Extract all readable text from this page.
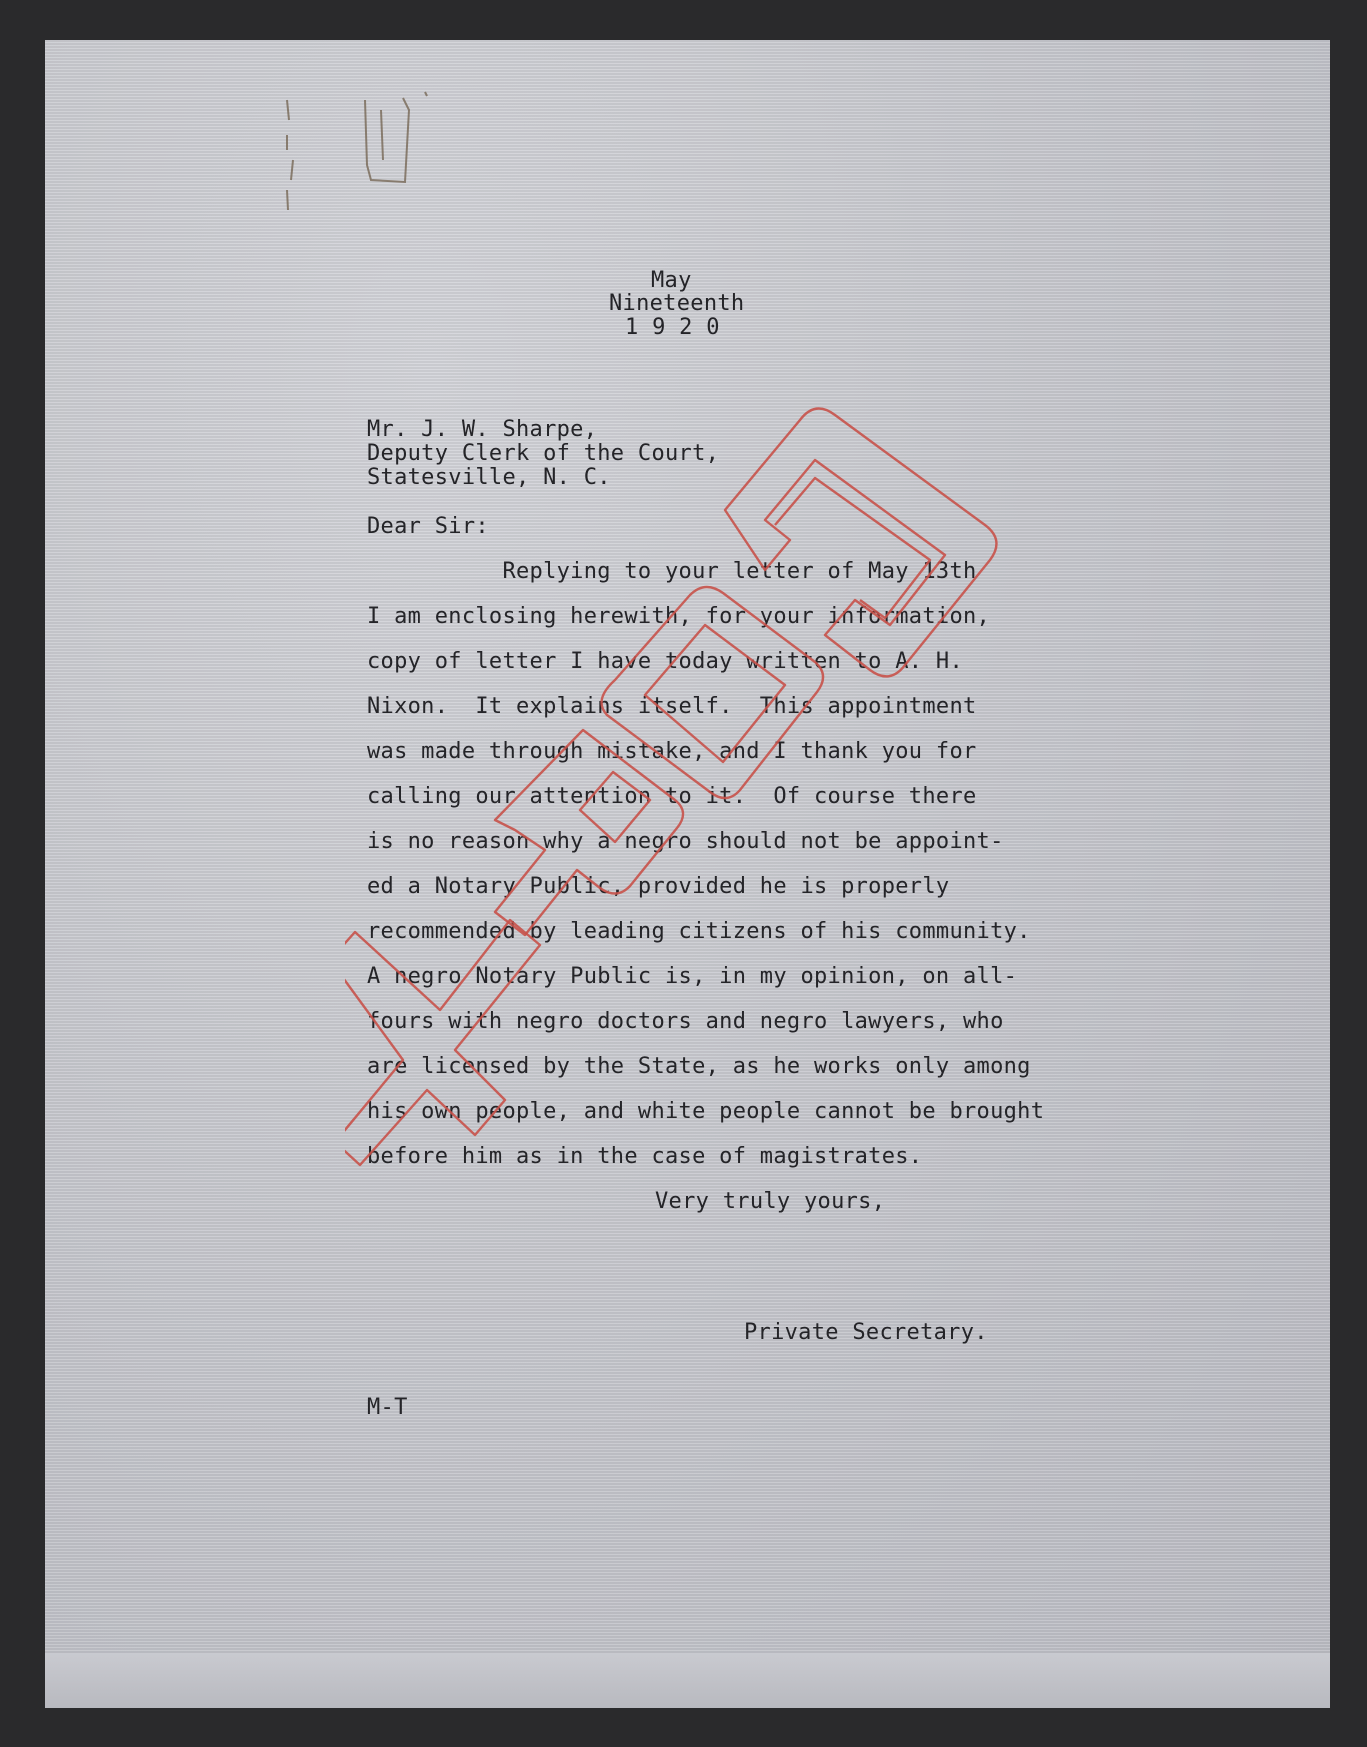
May
Nineteenth
1 9 2 0
Mr. J. W. Sharpe,
Deputy Clerk of the Court,
Statesville, N. C.
Dear Sir:
Replying to your letter of May 13th
I am enclosing herewith, for your information,
copy of letter I have today written to A. H.
Nixon.  It explains itself.  This appointment
was made through mistake, and I thank you for
calling our attention to it.  Of course there
is no reason why a negro should not be appoint-
ed a Notary Public, provided he is properly
recommended by leading citizens of his community.
A negro Notary Public is, in my opinion, on all-
fours with negro doctors and negro lawyers, who
are licensed by the State, as he works only among
his own people, and white people cannot be brought
before him as in the case of magistrates.
Very truly yours,
Private Secretary.
M-T
